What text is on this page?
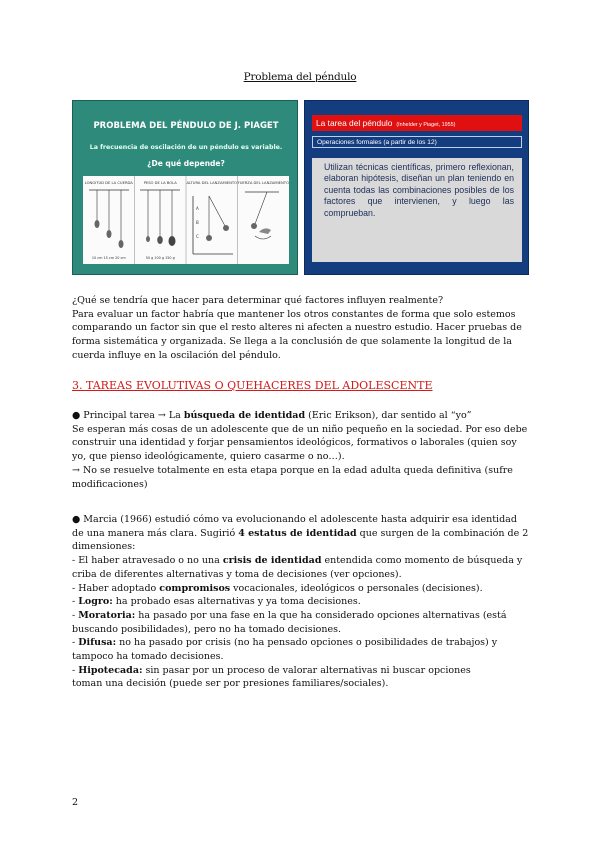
Problema del péndulo
PROBLEMA DEL PÉNDULO DE J. PIAGET
La frecuencia de oscilación de un péndulo es variable.
¿De qué depende?
LONGITUD DE LA CUERDA	PESO DE LA BOLA	ALTURA DEL LANZAMIENTO FUERZA DEL LANZAMIENTO
10 cm 15 cm 20 cm	50 g 100 g 150 g
A
B
C
La tarea del péndulo (Inhelder y Piaget, 1955)
Operaciones formales (a partir de los 12)
Utilizan técnicas científicas, primero reflexionan, elaboran hipótesis, diseñan un plan teniendo en cuenta todas las combinaciones posibles de los factores que intervienen, y luego las comprueban.

¿Qué se tendría que hacer para determinar qué factores influyen realmente?

Para evaluar un factor habría que mantener los otros constantes de forma que solo estemos comparando un factor sin que el resto alteres ni afecten a nuestro estudio. Hacer pruebas de forma sistemática y organizada. Se llega a la conclusión de que solamente la longitud de la cuerda influye en la oscilación del péndulo.

3. TAREAS EVOLUTIVAS O QUEHACERES DEL ADOLESCENTE

● Principal tarea → La búsqueda de identidad (Eric Erikson), dar sentido al “yo”

Se esperan más cosas de un adolescente que de un niño pequeño en la sociedad. Por eso debe construir una identidad y forjar pensamientos ideológicos, formativos o laborales (quien soy yo, que pienso ideológicamente, quiero casarme o no…).

→ No se resuelve totalmente en esta etapa porque en la edad adulta queda definitiva (sufre modificaciones)

● Marcia (1966) estudió cómo va evolucionando el adolescente hasta adquirir esa identidad de una manera más clara. Sugirió 4 estatus de identidad que surgen de la combinación de 2 dimensiones:

- El haber atravesado o no una crisis de identidad entendida como momento de búsqueda y criba de diferentes alternativas y toma de decisiones (ver opciones).

- Haber adoptado compromisos vocacionales, ideológicos o personales (decisiones).

- Logro: ha probado esas alternativas y ya toma decisiones.

- Moratoria: ha pasado por una fase en la que ha considerado opciones alternativas (está buscando posibilidades), pero no ha tomado decisiones.

- Difusa: no ha pasado por crisis (no ha pensado opciones o posibilidades de trabajos) y tampoco ha tomado decisiones.

- Hipotecada: sin pasar por un proceso de valorar alternativas ni buscar opciones

toman una decisión (puede ser por presiones familiares/sociales).

2
